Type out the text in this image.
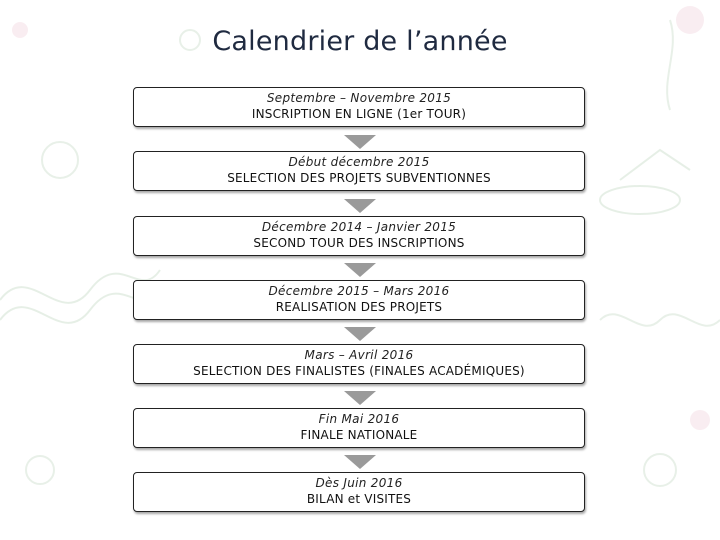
Calendrier de l’année
Septembre – Novembre 2015
INSCRIPTION EN LIGNE (1er TOUR)
Début décembre 2015
SELECTION DES PROJETS SUBVENTIONNES
Décembre 2014 – Janvier 2015
SECOND TOUR DES INSCRIPTIONS
Décembre 2015 – Mars 2016
REALISATION DES PROJETS
Mars – Avril 2016
SELECTION DES FINALISTES (FINALES ACADÉMIQUES)
Fin Mai 2016
FINALE NATIONALE
Dès Juin 2016
BILAN et VISITES
